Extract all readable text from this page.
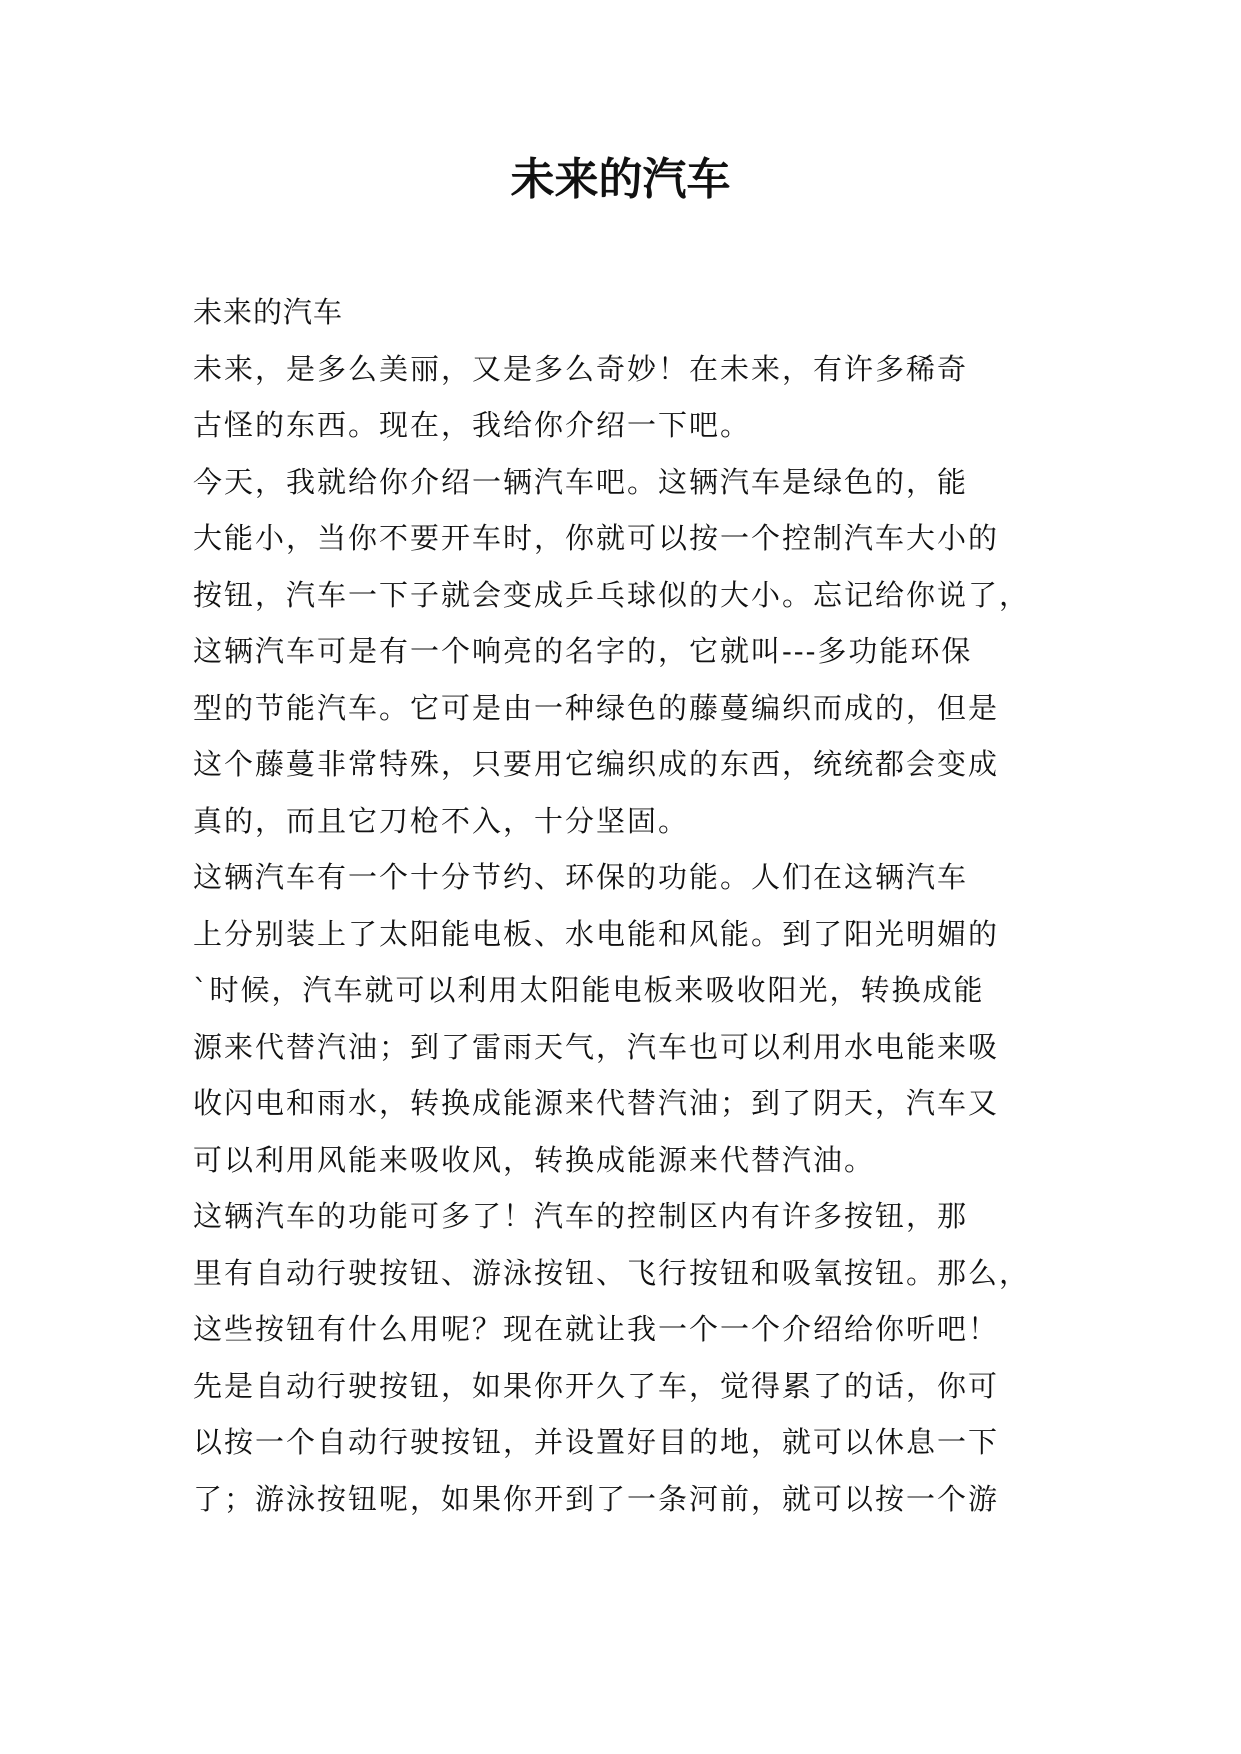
未来的汽车

未来的汽车

未来，是多么美丽，又是多么奇妙！在未来，有许多稀奇

古怪的东西。现在，我给你介绍一下吧。

今天，我就给你介绍一辆汽车吧。这辆汽车是绿色的，能

大能小，当你不要开车时，你就可以按一个控制汽车大小的

按钮，汽车一下子就会变成乒乓球似的大小。忘记给你说了，

这辆汽车可是有一个响亮的名字的，它就叫---多功能环保

型的节能汽车。它可是由一种绿色的藤蔓编织而成的，但是

这个藤蔓非常特殊，只要用它编织成的东西，统统都会变成

真的，而且它刀枪不入，十分坚固。

这辆汽车有一个十分节约、环保的功能。人们在这辆汽车

上分别装上了太阳能电板、水电能和风能。到了阳光明媚的

`时候，汽车就可以利用太阳能电板来吸收阳光，转换成能

源来代替汽油；到了雷雨天气，汽车也可以利用水电能来吸

收闪电和雨水，转换成能源来代替汽油；到了阴天，汽车又

可以利用风能来吸收风，转换成能源来代替汽油。

这辆汽车的功能可多了！汽车的控制区内有许多按钮，那

里有自动行驶按钮、游泳按钮、飞行按钮和吸氧按钮。那么，

这些按钮有什么用呢？现在就让我一个一个介绍给你听吧！

先是自动行驶按钮，如果你开久了车，觉得累了的话，你可

以按一个自动行驶按钮，并设置好目的地，就可以休息一下

了；游泳按钮呢，如果你开到了一条河前，就可以按一个游
